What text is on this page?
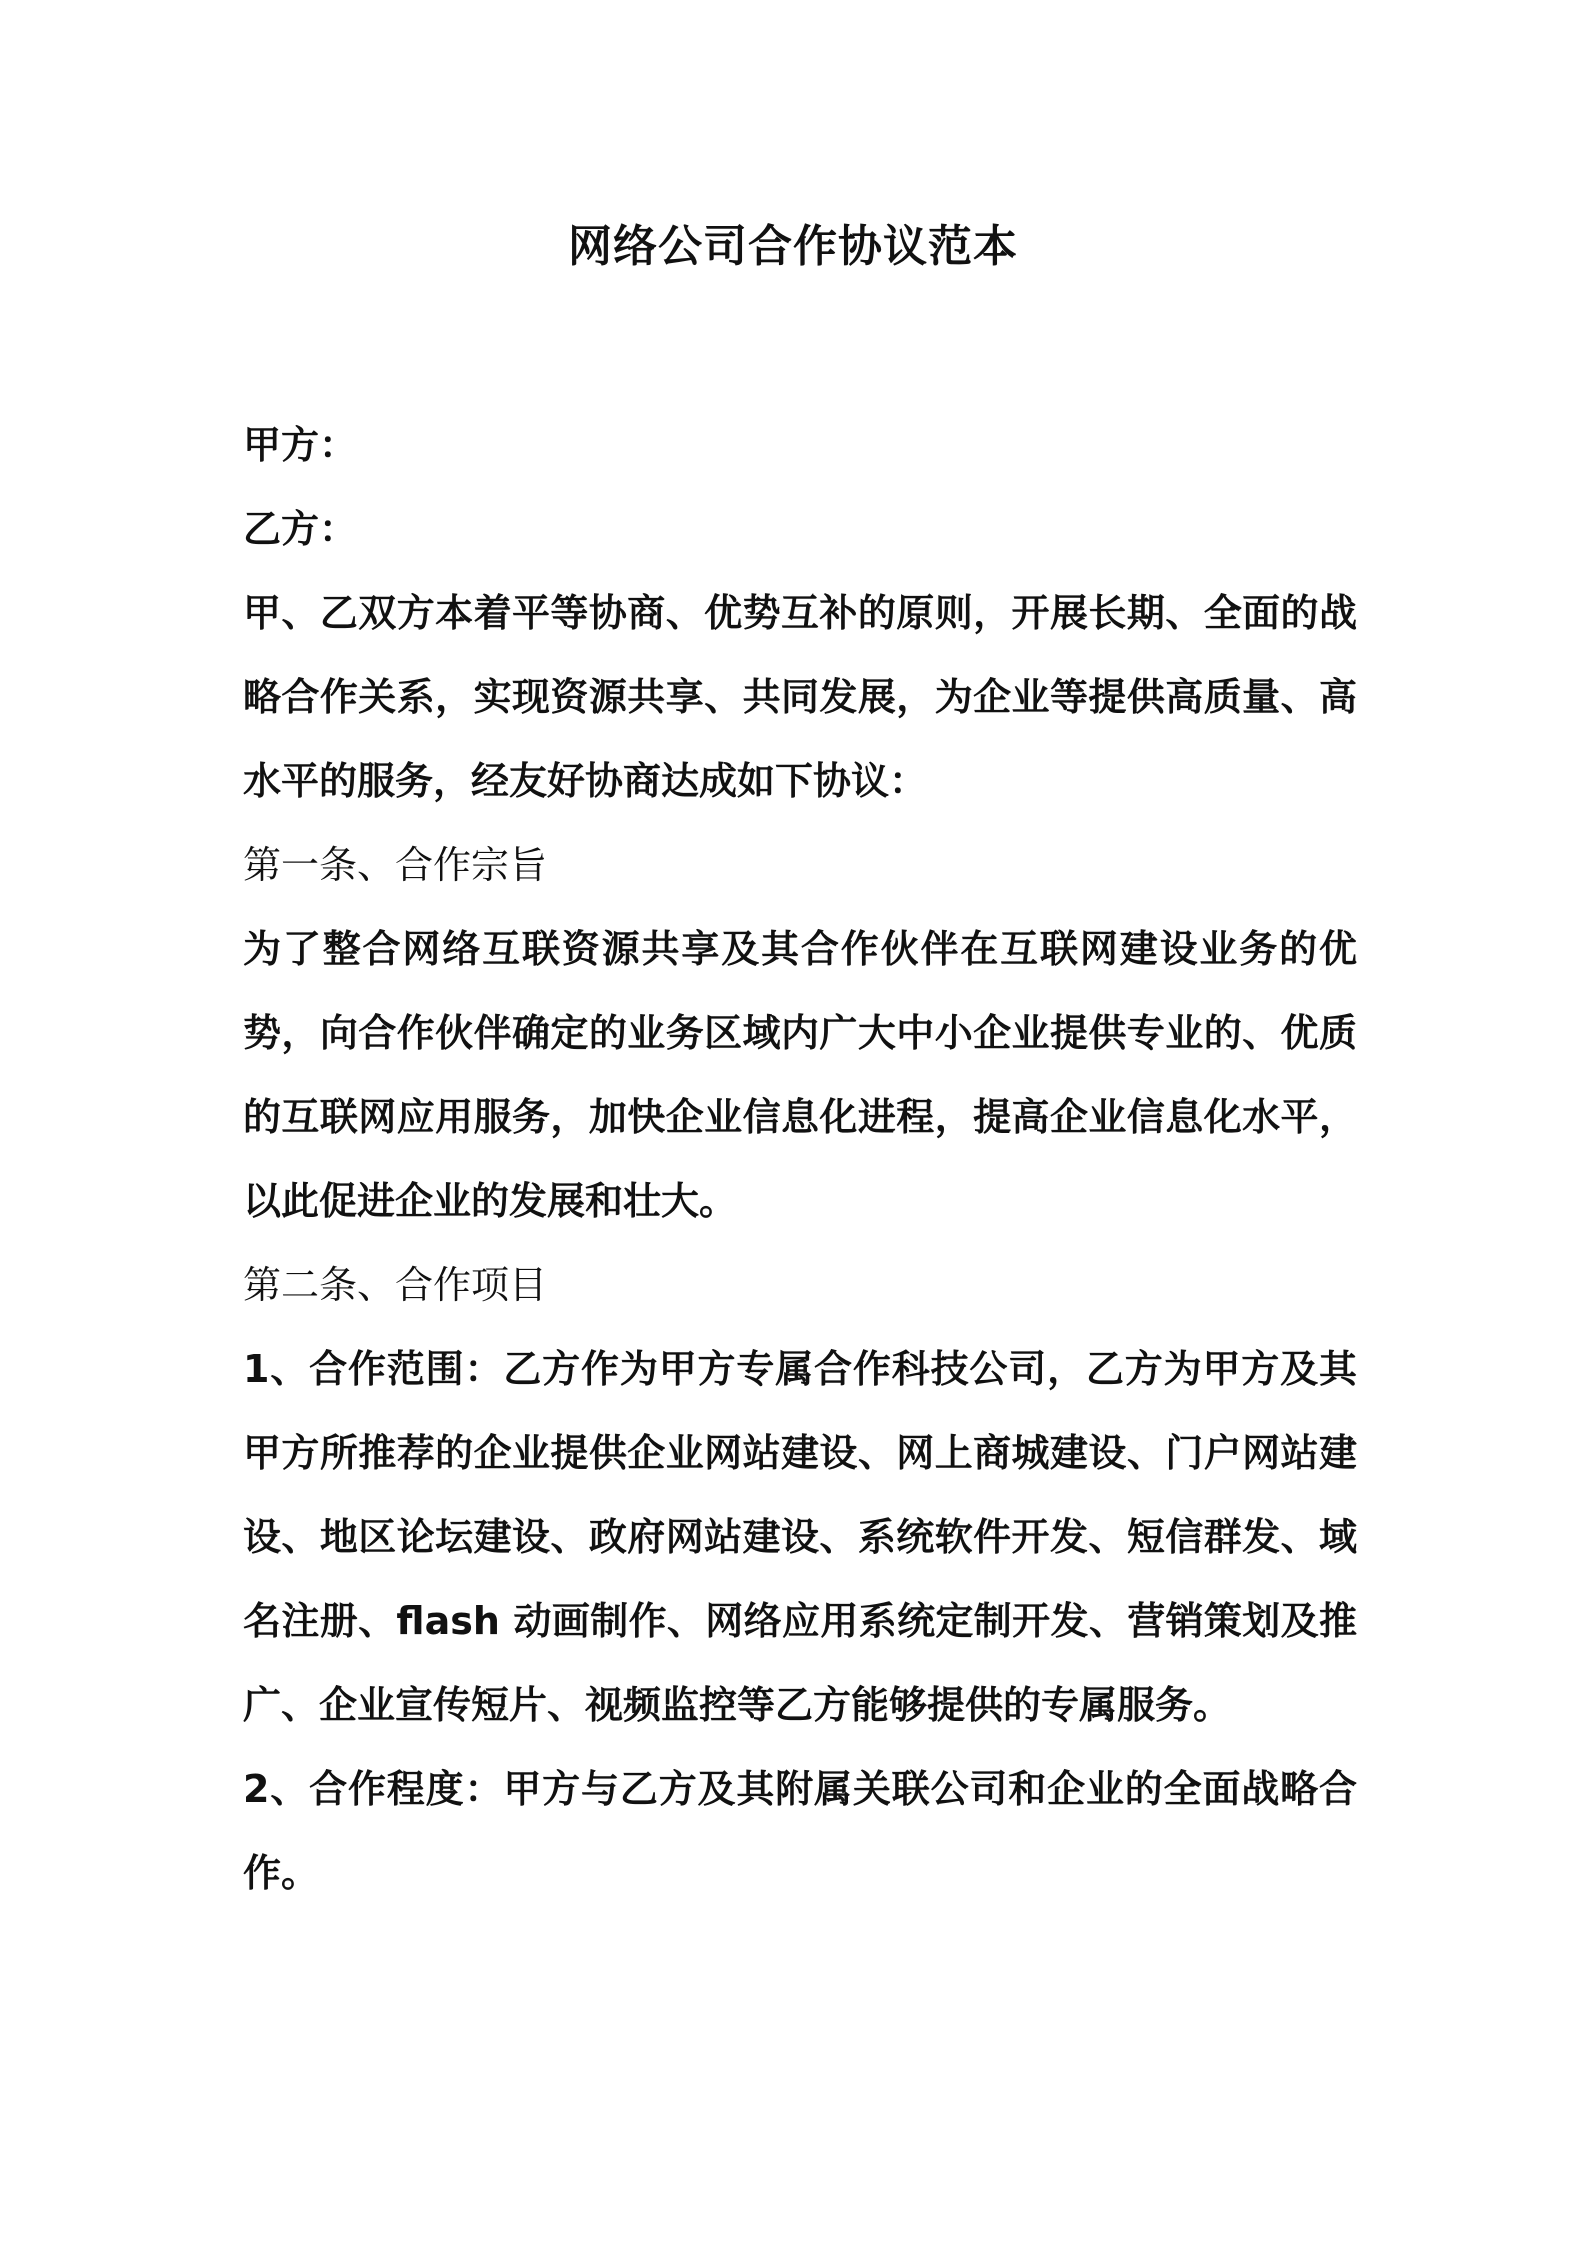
网络公司合作协议范本

甲方：

乙方：

甲、乙双方本着平等协商、优势互补的原则，开展长期、全面的战略合作关系，实现资源共享、共同发展，为企业等提供高质量、高水平的服务，经友好协商达成如下协议：

第一条、合作宗旨

为了整合网络互联资源共享及其合作伙伴在互联网建设业务的优势，向合作伙伴确定的业务区域内广大中小企业提供专业的、优质的互联网应用服务，加快企业信息化进程，提高企业信息化水平，以此促进企业的发展和壮大。

第二条、合作项目

1、合作范围：乙方作为甲方专属合作科技公司，乙方为甲方及其甲方所推荐的企业提供企业网站建设、网上商城建设、门户网站建设、地区论坛建设、政府网站建设、系统软件开发、短信群发、域名注册、flash 动画制作、网络应用系统定制开发、营销策划及推广、企业宣传短片、视频监控等乙方能够提供的专属服务。

2、合作程度：甲方与乙方及其附属关联公司和企业的全面战略合作。
